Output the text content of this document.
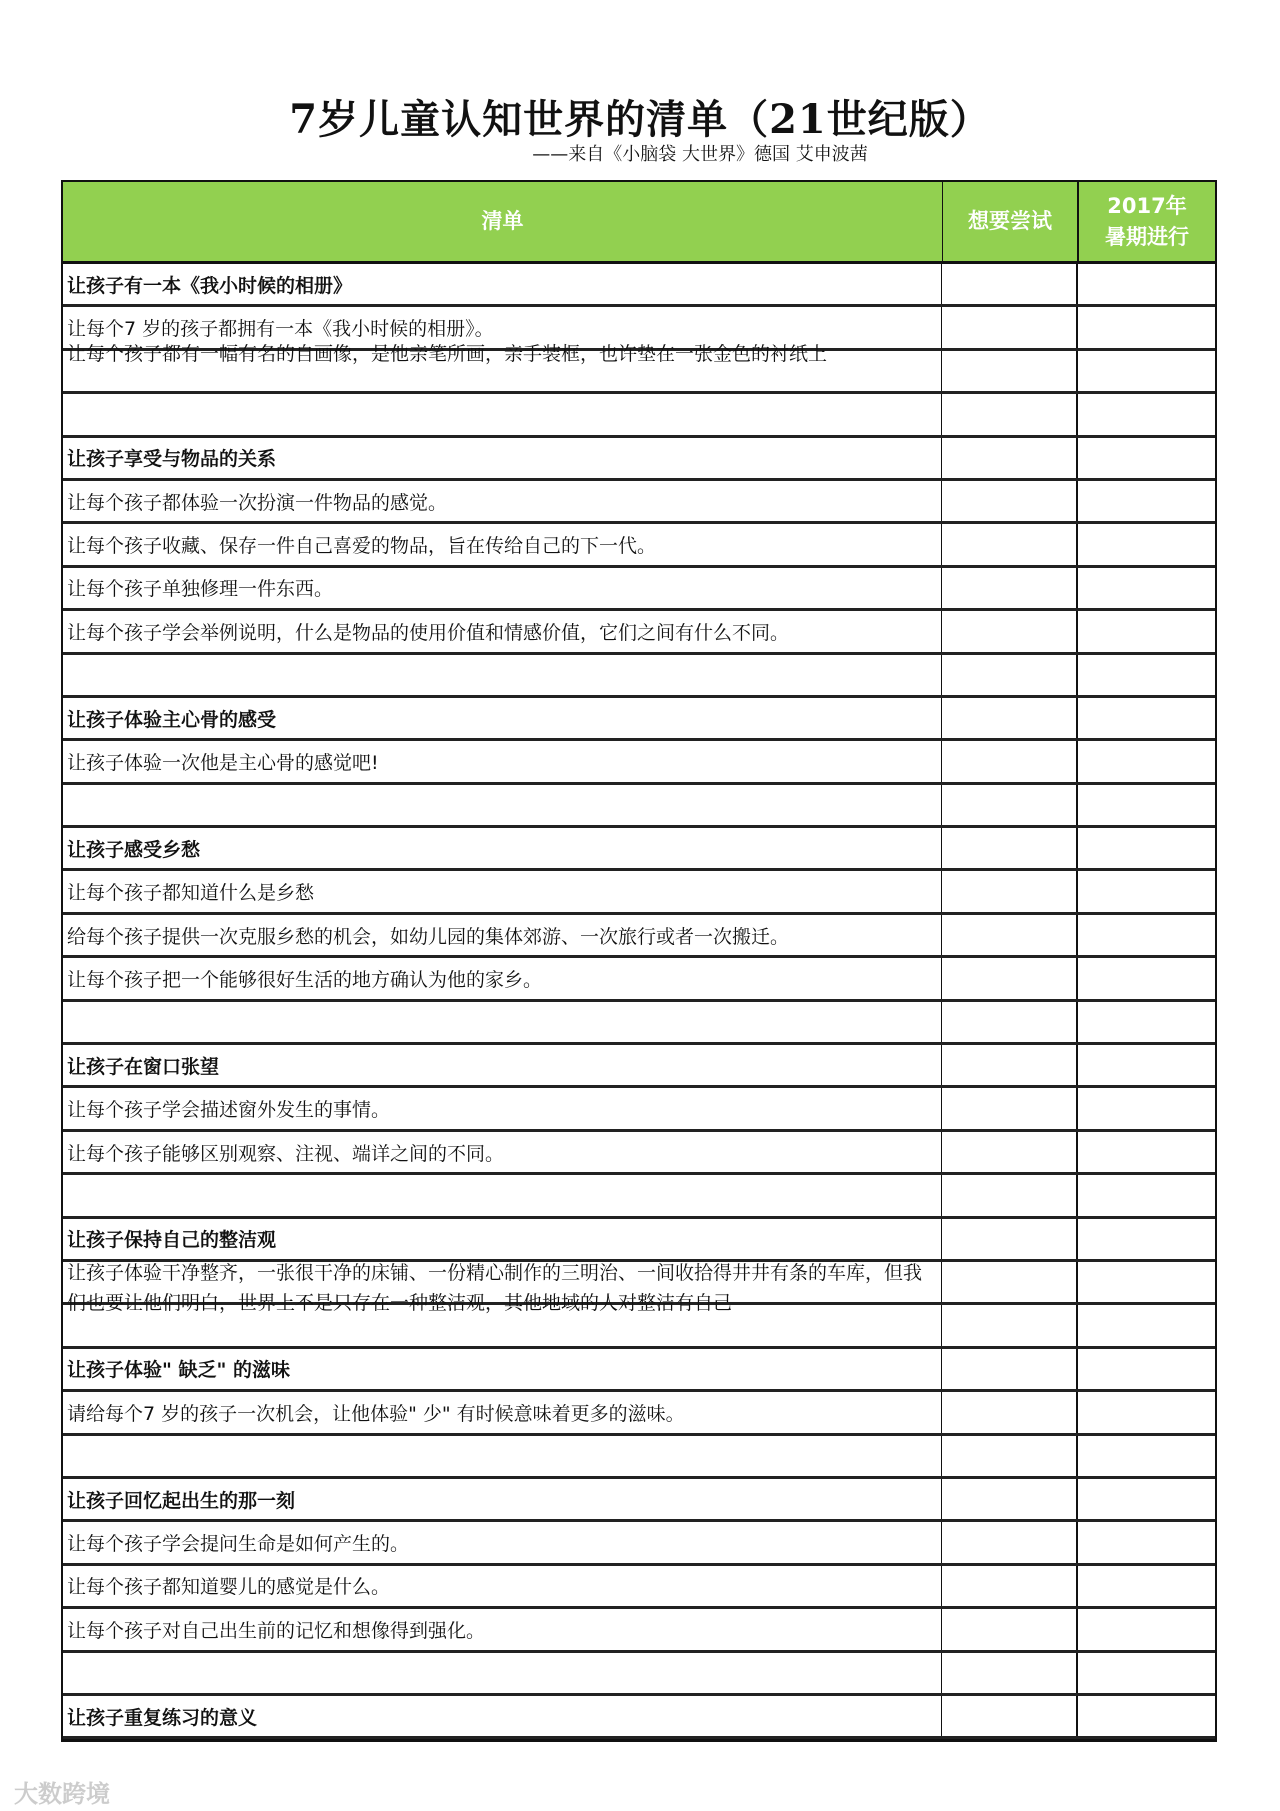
7岁儿童认知世界的清单（21世纪版）
——来自《小脑袋 大世界》德国 艾申波茜
清单	想要尝试
2017年
暑期进行
让孩子有一本《我小时候的相册》
让每个7 岁的孩子都拥有一本《我小时候的相册》。
让每个孩子都有一幅有名的自画像，是他亲笔所画，亲手装框，也许垫在一张金色的衬纸上
让孩子享受与物品的关系
让每个孩子都体验一次扮演一件物品的感觉。
让每个孩子收藏、保存一件自己喜爱的物品，旨在传给自己的下一代。
让每个孩子单独修理一件东西。
让每个孩子学会举例说明，什么是物品的使用价值和情感价值，它们之间有什么不同。
让孩子体验主心骨的感受
让孩子体验一次他是主心骨的感觉吧!
让孩子感受乡愁
让每个孩子都知道什么是乡愁
给每个孩子提供一次克服乡愁的机会，如幼儿园的集体郊游、一次旅行或者一次搬迁。
让每个孩子把一个能够很好生活的地方确认为他的家乡。
让孩子在窗口张望
让每个孩子学会描述窗外发生的事情。
让每个孩子能够区别观察、注视、端详之间的不同。
让孩子保持自己的整洁观
让孩子体验干净整齐，一张很干净的床铺、一份精心制作的三明治、一间收拾得井井有条的车库，但我们也要让他们明白，世界上不是只存在一种整洁观，其他地域的人对整洁有自己
让孩子体验" 缺乏" 的滋味
请给每个7 岁的孩子一次机会，让他体验" 少" 有时候意味着更多的滋味。
让孩子回忆起出生的那一刻
让每个孩子学会提问生命是如何产生的。
让每个孩子都知道婴儿的感觉是什么。
让每个孩子对自己出生前的记忆和想像得到强化。
让孩子重复练习的意义
大数跨境
